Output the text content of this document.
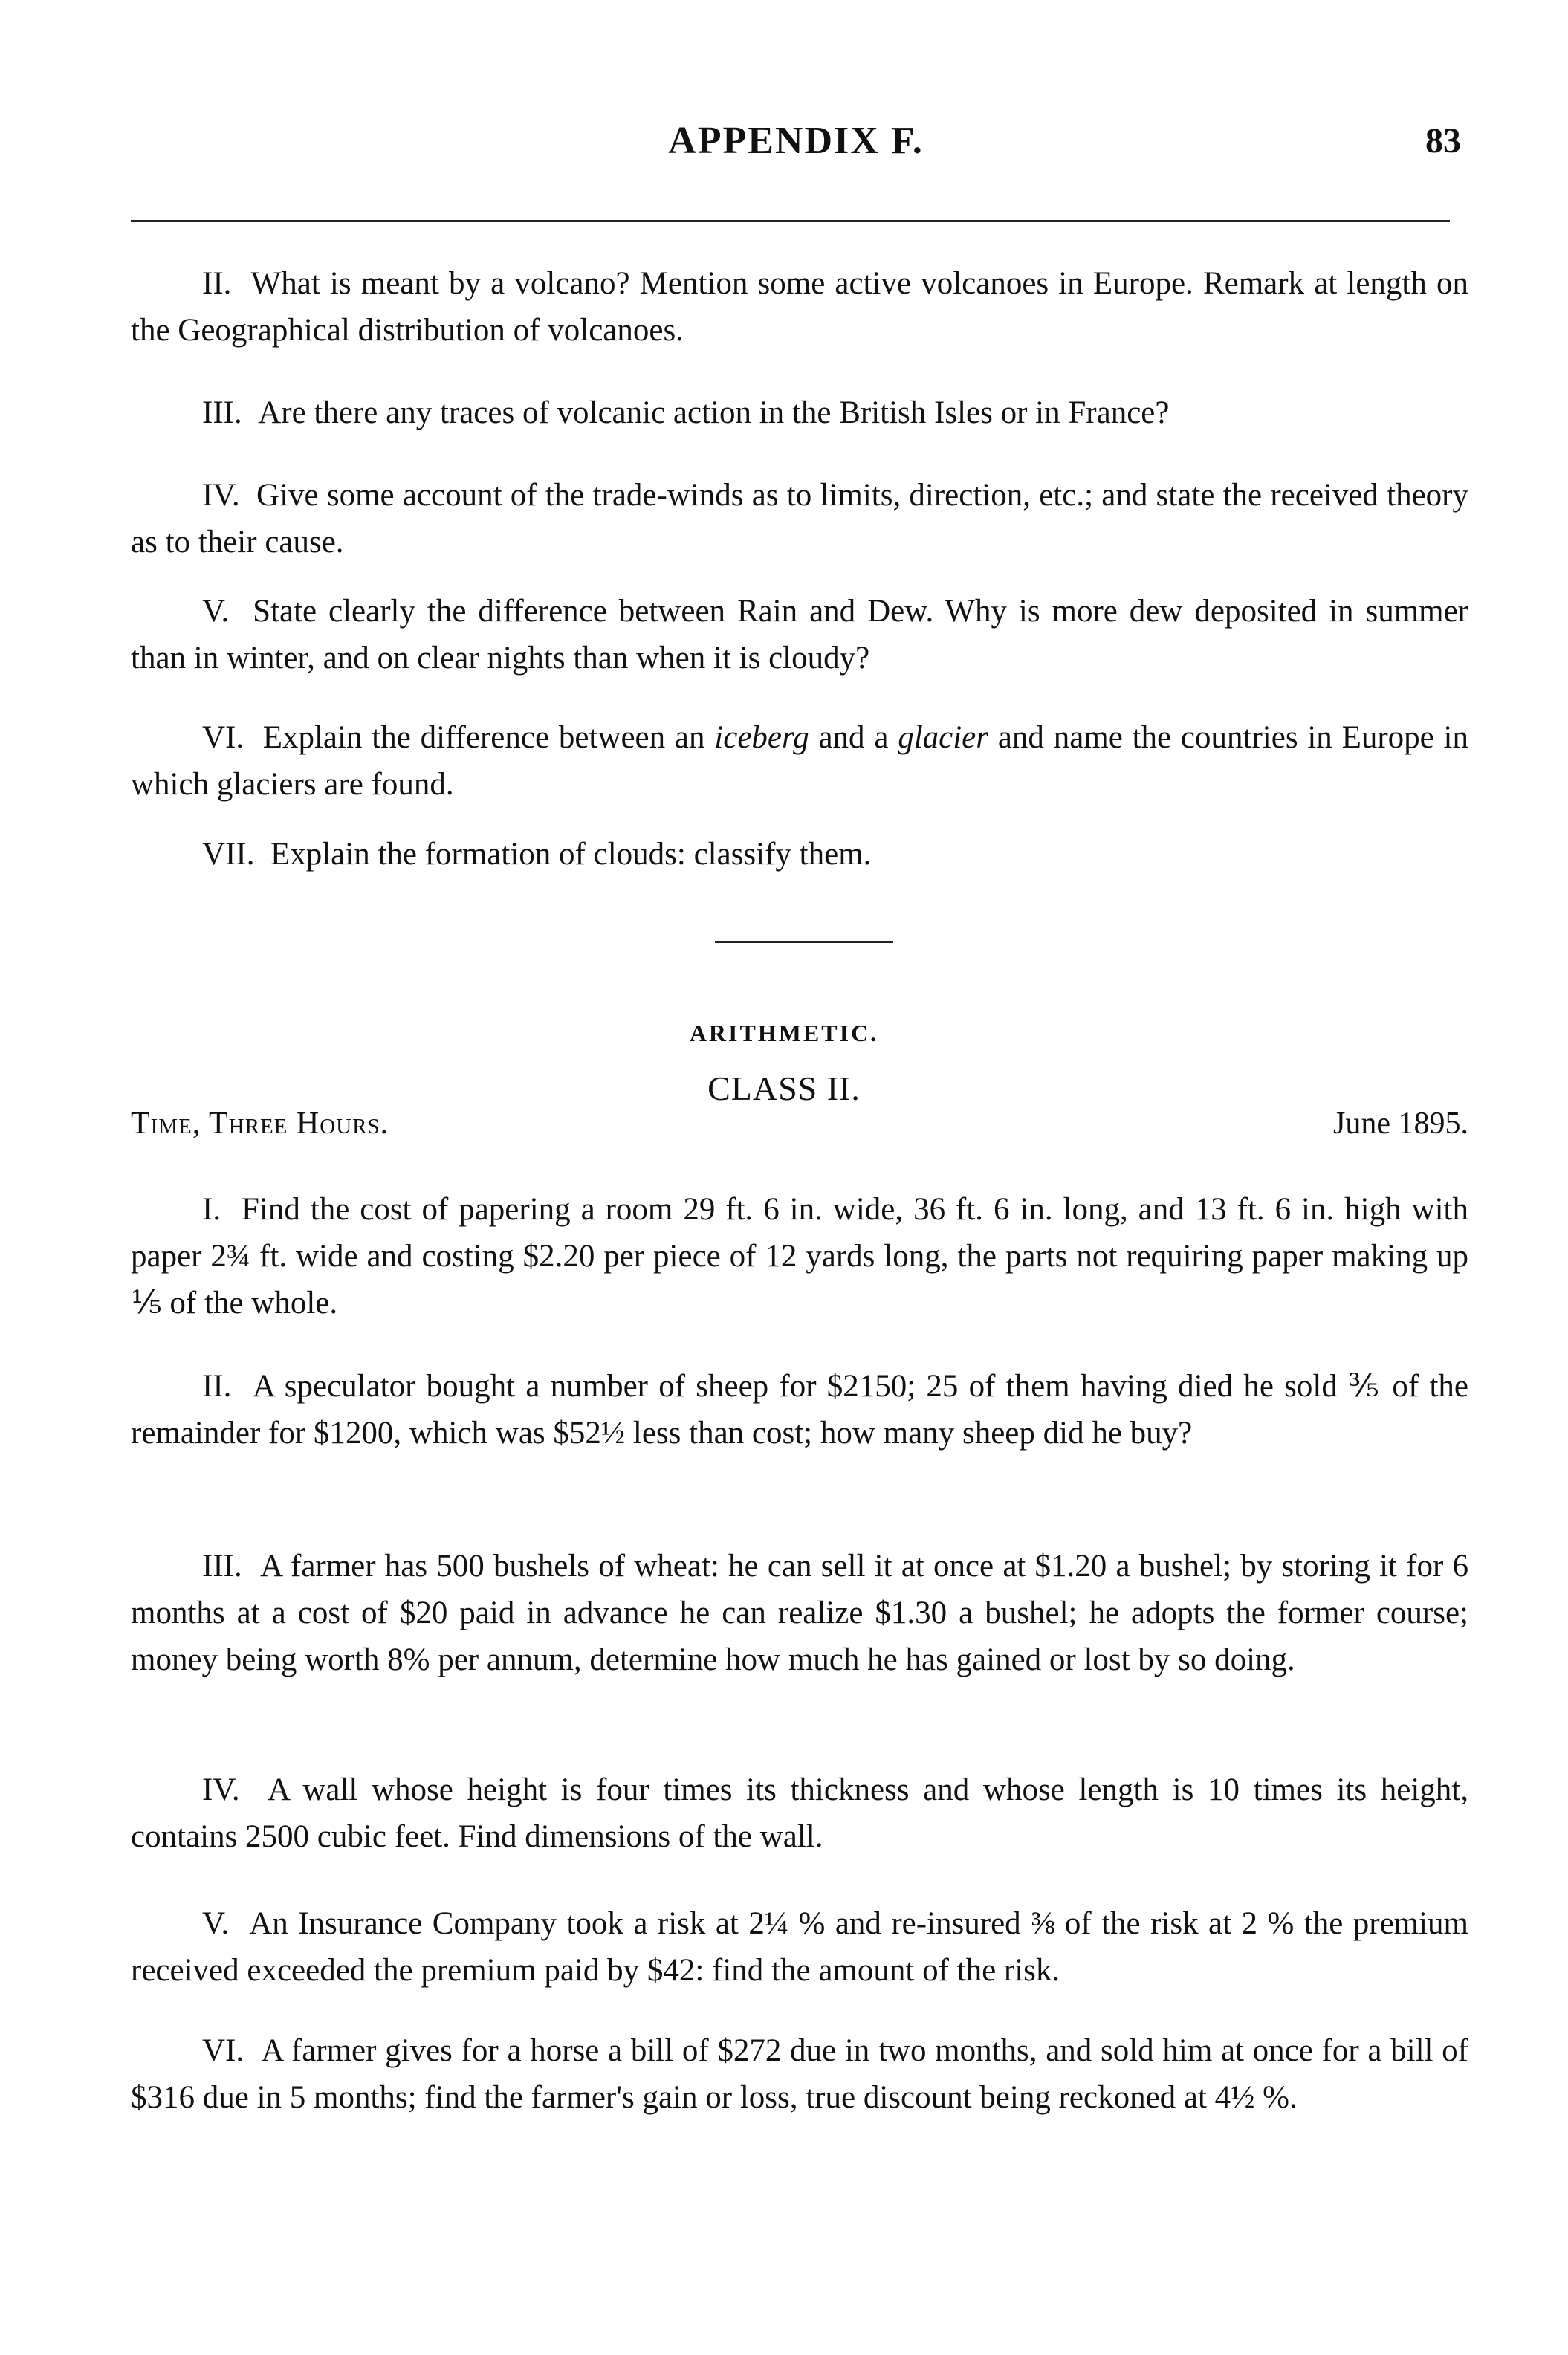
APPENDIX F.	83

II. What is meant by a volcano? Mention some active volcanoes in Europe. Remark at length on the Geographical distribution of volcanoes.

III. Are there any traces of volcanic action in the British Isles or in France?

IV. Give some account of the trade-winds as to limits, direction, etc.; and state the received theory as to their cause.

V. State clearly the difference between Rain and Dew. Why is more dew deposited in summer than in winter, and on clear nights than when it is cloudy?

VI. Explain the difference between an iceberg and a glacier and name the countries in Europe in which glaciers are found.

VII. Explain the formation of clouds: classify them.

ARITHMETIC.
CLASS II.
Time, Three Hours.	June 1895.

I. Find the cost of papering a room 29 ft. 6 in. wide, 36 ft. 6 in. long, and 13 ft. 6 in. high with paper 2¾ ft. wide and costing $2.20 per piece of 12 yards long, the parts not requiring paper making up ⅕ of the whole.

II. A speculator bought a number of sheep for $2150; 25 of them having died he sold ⅗ of the remainder for $1200, which was $52½ less than cost; how many sheep did he buy?

III. A farmer has 500 bushels of wheat: he can sell it at once at $1.20 a bushel; by storing it for 6 months at a cost of $20 paid in advance he can realize $1.30 a bushel; he adopts the former course; money being worth 8% per annum, determine how much he has gained or lost by so doing.

IV. A wall whose height is four times its thickness and whose length is 10 times its height, contains 2500 cubic feet. Find dimensions of the wall.

V. An Insurance Company took a risk at 2¼ % and re-insured ⅜ of the risk at 2 % the premium received exceeded the premium paid by $42: find the amount of the risk.

VI. A farmer gives for a horse a bill of $272 due in two months, and sold him at once for a bill of $316 due in 5 months; find the farmer's gain or loss, true discount being reckoned at 4½ %.
